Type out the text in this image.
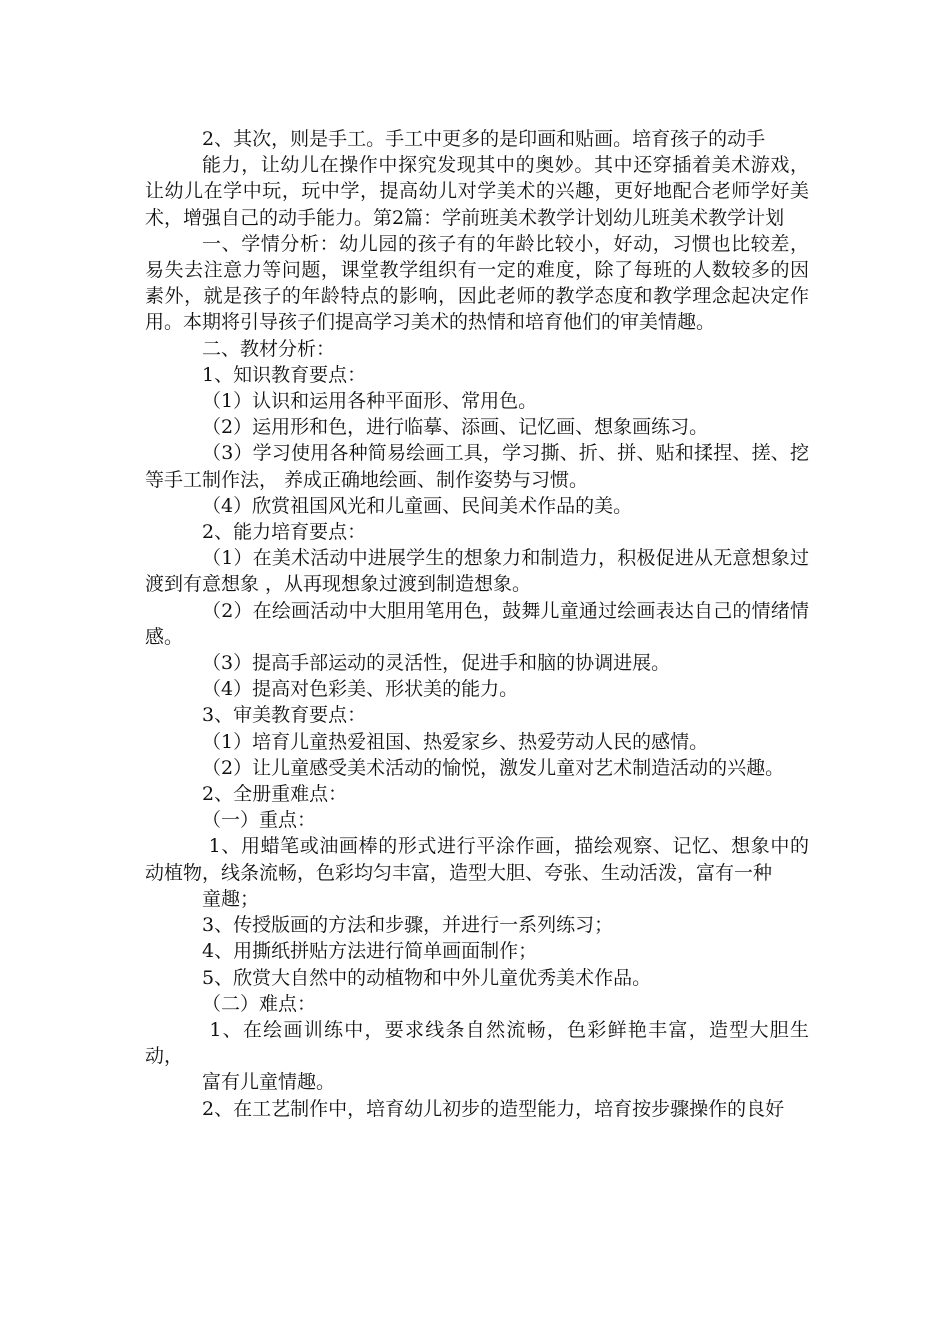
2、其次，则是手工。手工中更多的是印画和贴画。培育孩子的动手

能力，让幼儿在操作中探究发现其中的奥妙。其中还穿插着美术游戏，让幼儿在学中玩，玩中学，提高幼儿对学美术的兴趣，更好地配合老师学好美术，增强自己的动手能力。第2篇：学前班美术教学计划幼儿班美术教学计划

一、学情分析：幼儿园的孩子有的年龄比较小，好动，习惯也比较差，易失去注意力等问题，课堂教学组织有一定的难度，除了每班的人数较多的因素外，就是孩子的年龄特点的影响，因此老师的教学态度和教学理念起决定作用。本期将引导孩子们提高学习美术的热情和培育他们的审美情趣。

二、教材分析：

1、知识教育要点：

（1）认识和运用各种平面形、常用色。

（2）运用形和色，进行临摹、添画、记忆画、想象画练习。

（3）学习使用各种简易绘画工具，学习撕、折、拼、贴和揉捏、搓、挖等手工制作法， 养成正确地绘画、制作姿势与习惯。

（4）欣赏祖国风光和儿童画、民间美术作品的美。

2、能力培育要点：

（1）在美术活动中进展学生的想象力和制造力，积极促进从无意想象过渡到有意想象 ，从再现想象过渡到制造想象。

（2）在绘画活动中大胆用笔用色，鼓舞儿童通过绘画表达自己的情绪情感。

（3）提高手部运动的灵活性，促进手和脑的协调进展。

（4）提高对色彩美、形状美的能力。

3、审美教育要点：

（1）培育儿童热爱祖国、热爱家乡、热爱劳动人民的感情。

（2）让儿童感受美术活动的愉悦，激发儿童对艺术制造活动的兴趣。

2、全册重难点：

（一）重点：

1、用蜡笔或油画棒的形式进行平涂作画，描绘观察、记忆、想象中的动植物，线条流畅，色彩均匀丰富，造型大胆、夸张、生动活泼，富有一种

童趣；

3、传授版画的方法和步骤，并进行一系列练习；

4、用撕纸拼贴方法进行简单画面制作；

5、欣赏大自然中的动植物和中外儿童优秀美术作品。

（二）难点：

1、在绘画训练中，要求线条自然流畅，色彩鲜艳丰富，造型大胆生动，

富有儿童情趣。

2、在工艺制作中，培育幼儿初步的造型能力，培育按步骤操作的良好
